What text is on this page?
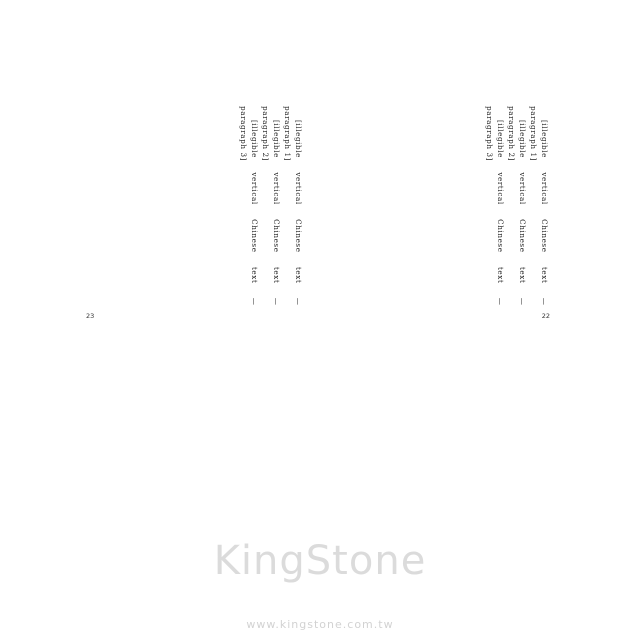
[illegible vertical Chinese text — paragraph 1]

[illegible vertical Chinese text — paragraph 2]

[illegible vertical Chinese text — paragraph 3]

23

[illegible vertical Chinese text — paragraph 1]

[illegible vertical Chinese text — paragraph 2]

[illegible vertical Chinese text — paragraph 3]

22
KingStone
www.kingstone.com.tw
